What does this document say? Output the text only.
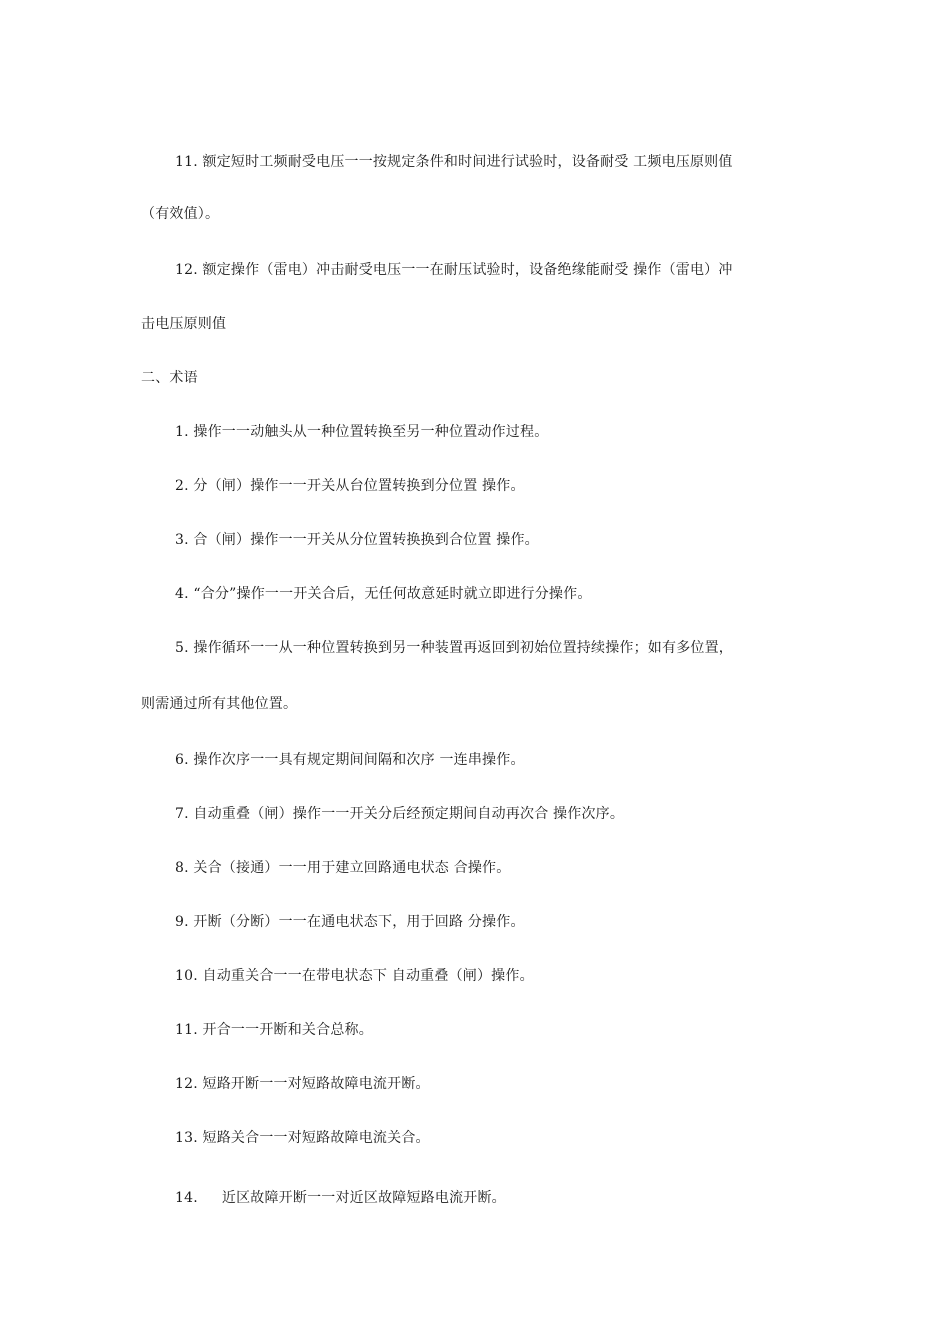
11. 额定短时工频耐受电压一一按规定条件和时间进行试验时，设备耐受 工频电压原则值
（有效值）。
12. 额定操作（雷电）冲击耐受电压一一在耐压试验时，设备绝缘能耐受 操作（雷电）冲
击电压原则值
二、术语
1. 操作一一动触头从一种位置转换至另一种位置动作过程。
2. 分（闸）操作一一开关从台位置转换到分位置 操作。
3. 合（闸）操作一一开关从分位置转换换到合位置 操作。
4. “合分”操作一一开关合后，无任何故意延时就立即进行分操作。
5. 操作循环一一从一种位置转换到另一种装置再返回到初始位置持续操作；如有多位置，
则需通过所有其他位置。
6. 操作次序一一具有规定期间间隔和次序 一连串操作。
7. 自动重叠（闸）操作一一开关分后经预定期间自动再次合 操作次序。
8. 关合（接通）一一用于建立回路通电状态 合操作。
9. 开断（分断）一一在通电状态下，用于回路 分操作。
10. 自动重关合一一在带电状态下 自动重叠（闸）操作。
11. 开合一一开断和关合总称。
12. 短路开断一一对短路故障电流开断。
13. 短路关合一一对短路故障电流关合。
14. 近区故障开断一一对近区故障短路电流开断。
